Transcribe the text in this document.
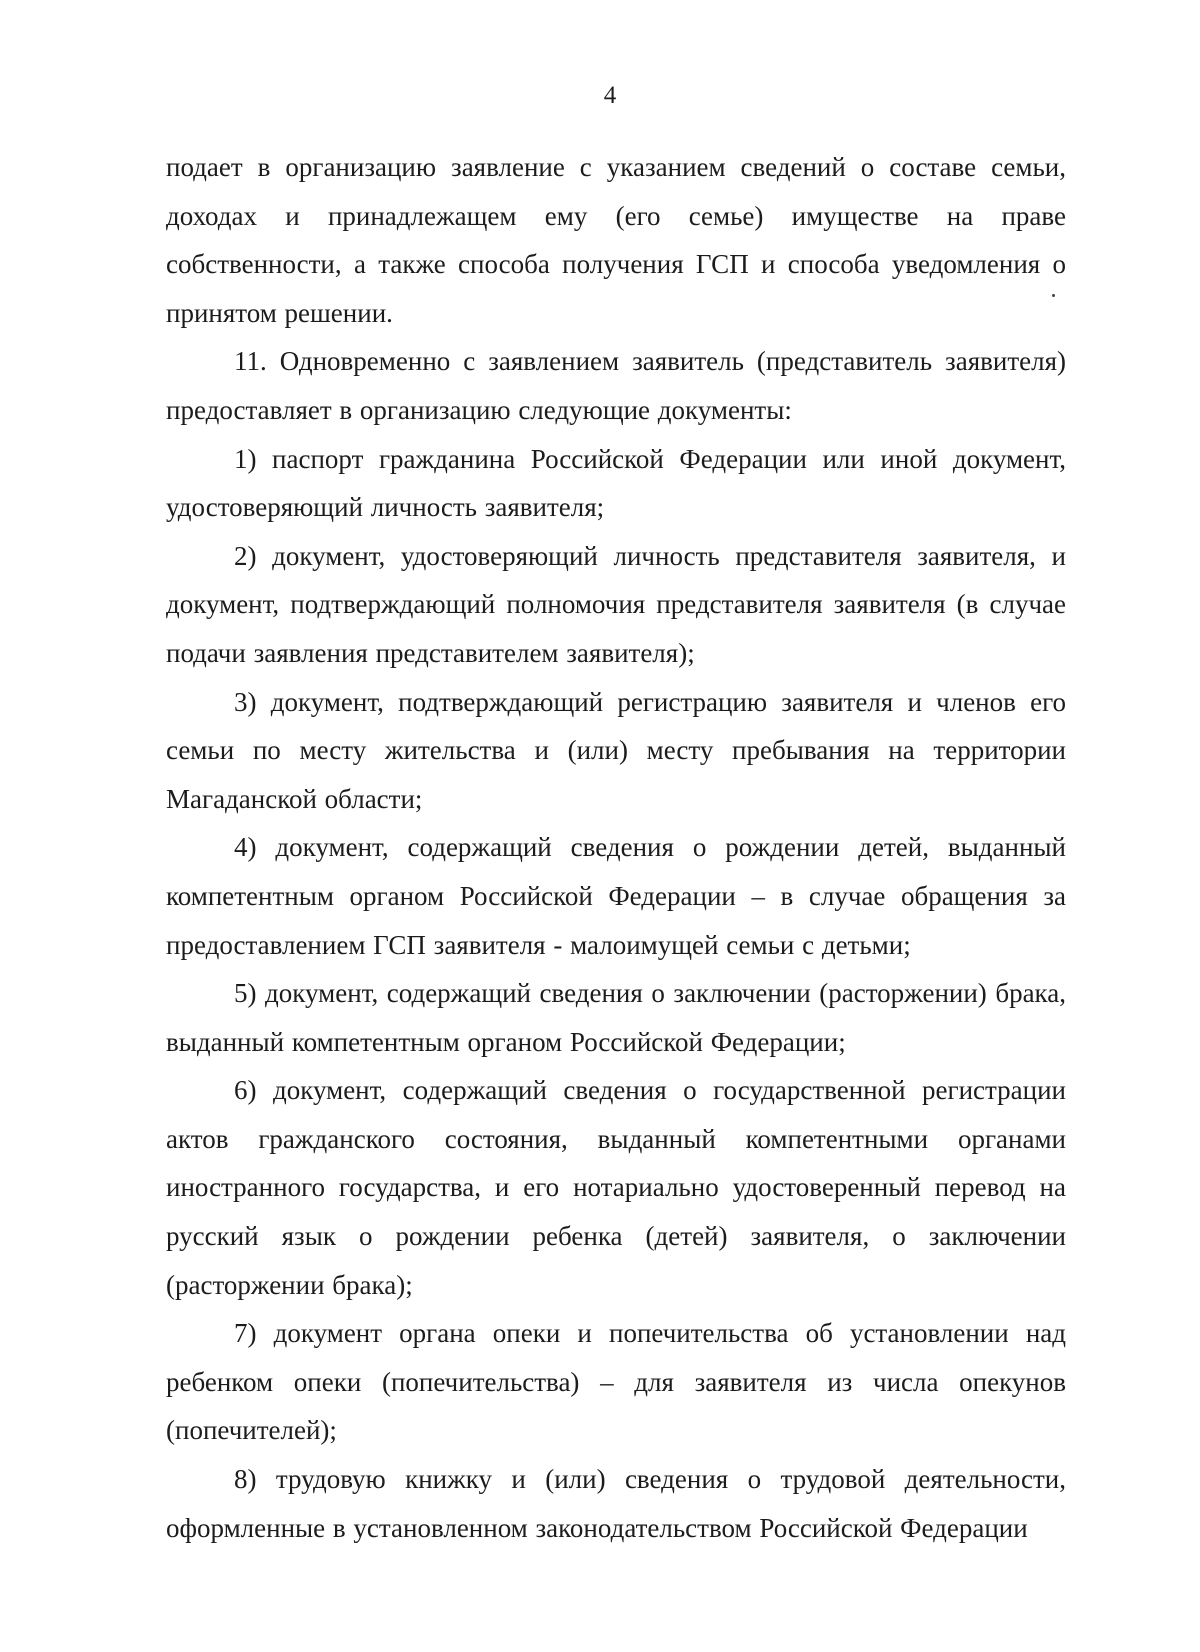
4

подает в организацию заявление с указанием сведений о составе семьи, доходах и принадлежащем ему (его семье) имуществе на праве собственности, а также способа получения ГСП и способа уведомления о принятом решении.

11. Одновременно с заявлением заявитель (представитель заявителя) предоставляет в организацию следующие документы:

1) паспорт гражданина Российской Федерации или иной документ, удостоверяющий личность заявителя;

2) документ, удостоверяющий личность представителя заявителя, и документ, подтверждающий полномочия представителя заявителя (в случае подачи заявления представителем заявителя);

3) документ, подтверждающий регистрацию заявителя и членов его семьи по месту жительства и (или) месту пребывания на территории Магаданской области;

4) документ, содержащий сведения о рождении детей, выданный компетентным органом Российской Федерации – в случае обращения за предоставлением ГСП заявителя - малоимущей семьи с детьми;

5) документ, содержащий сведения о заключении (расторжении) брака, выданный компетентным органом Российской Федерации;

6) документ, содержащий сведения о государственной регистрации актов гражданского состояния, выданный компетентными органами иностранного государства, и его нотариально удостоверенный перевод на русский язык о рождении ребенка (детей) заявителя, о заключении (расторжении брака);

7) документ органа опеки и попечительства об установлении над ребенком опеки (попечительства) – для заявителя из числа опекунов (попечителей);

8) трудовую книжку и (или) сведения о трудовой деятельности, оформленные в установленном законодательством Российской Федерации
